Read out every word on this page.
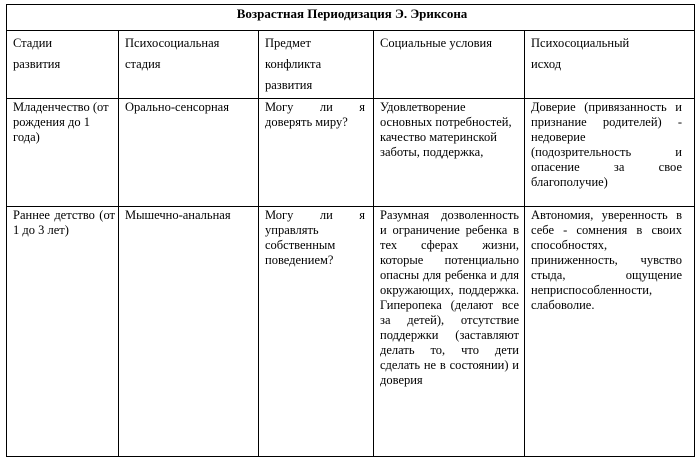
Возрастная Периодизация Э. Эриксона				
Стадии развития	Психосоциальная стадия	Предмет конфликта развития	Социальные условия	Психосоциальный исход
Младенчество (от рождения до 1 года)	Орально-сенсорная	Могу ли я доверять миру?	Удовлетворение основных потребностей, качество материнской заботы, поддержка,	Доверие (привязанность и признание родителей) - недоверие (подозрительность и опасение за свое благополучие)
Раннее детство (от 1 до 3 лет)	Мышечно-анальная	Могу ли я управлять собственным поведением?	Разумная дозволенность и ограничение ребенка в тех сферах жизни, которые потенциально опасны для ребенка и для окружающих, поддержка. Гиперопека (делают все за детей), отсутствие поддержки (заставляют делать то, что дети сделать не в состоянии) и доверия	Автономия, уверенность в себе - сомнения в своих способностях, приниженность, чувство стыда, ощущение неприспособленности, слабоволие.
